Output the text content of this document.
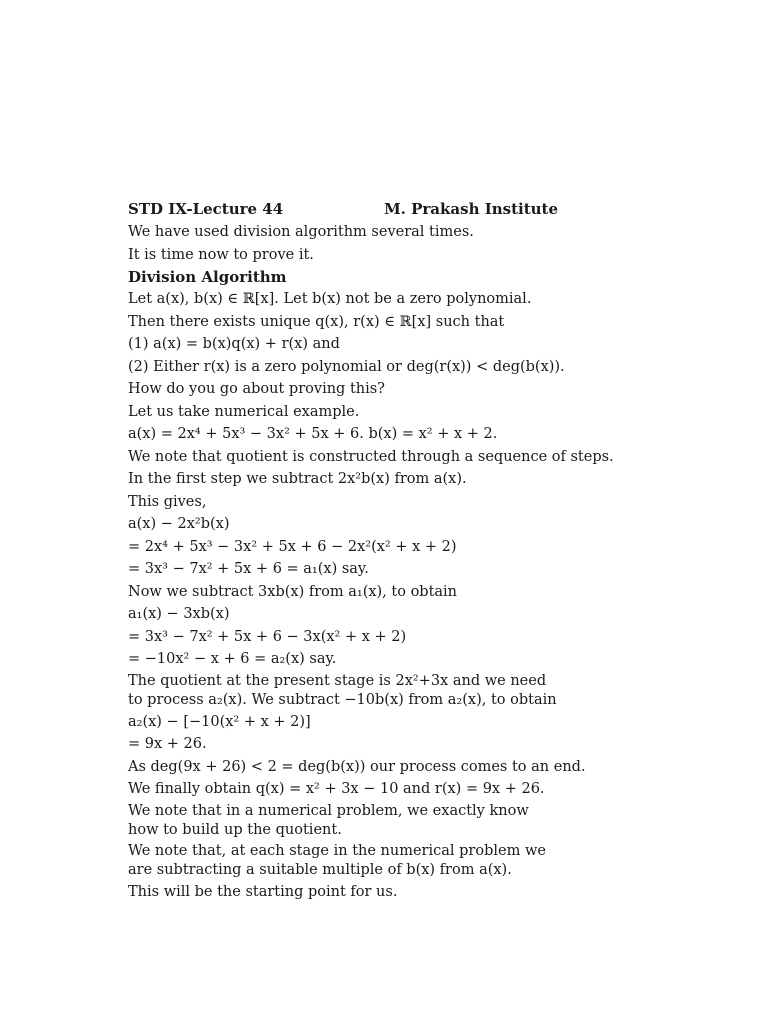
STD IX-Lecture 44	M. Prakash Institute
We have used division algorithm several times.
It is time now to prove it.
Division Algorithm
Let a(x), b(x) ∈ ℝ[x]. Let b(x) not be a zero polynomial.
Then there exists unique q(x), r(x) ∈ ℝ[x] such that
(1) a(x) = b(x)q(x) + r(x) and
(2) Either r(x) is a zero polynomial or deg(r(x)) < deg(b(x)).
How do you go about proving this?
Let us take numerical example.
a(x) = 2x⁴ + 5x³ − 3x² + 5x + 6. b(x) = x² + x + 2.
We note that quotient is constructed through a sequence of steps.
In the first step we subtract 2x²b(x) from a(x).
This gives,
a(x) − 2x²b(x)
= 2x⁴ + 5x³ − 3x² + 5x + 6 − 2x²(x² + x + 2)
= 3x³ − 7x² + 5x + 6 = a₁(x) say.
Now we subtract 3xb(x) from a₁(x), to obtain
a₁(x) − 3xb(x)
= 3x³ − 7x² + 5x + 6 − 3x(x² + x + 2)
= −10x² − x + 6 = a₂(x) say.
The quotient at the present stage is 2x²+3x and we need to process a₂(x). We subtract −10b(x) from a₂(x), to obtain
a₂(x) − [−10(x² + x + 2)]
= 9x + 26.
As deg(9x + 26) < 2 = deg(b(x)) our process comes to an end.
We finally obtain q(x) = x² + 3x − 10 and r(x) = 9x + 26.
We note that in a numerical problem, we exactly know how to build up the quotient.
We note that, at each stage in the numerical problem we are subtracting a suitable multiple of b(x) from a(x).
This will be the starting point for us.
